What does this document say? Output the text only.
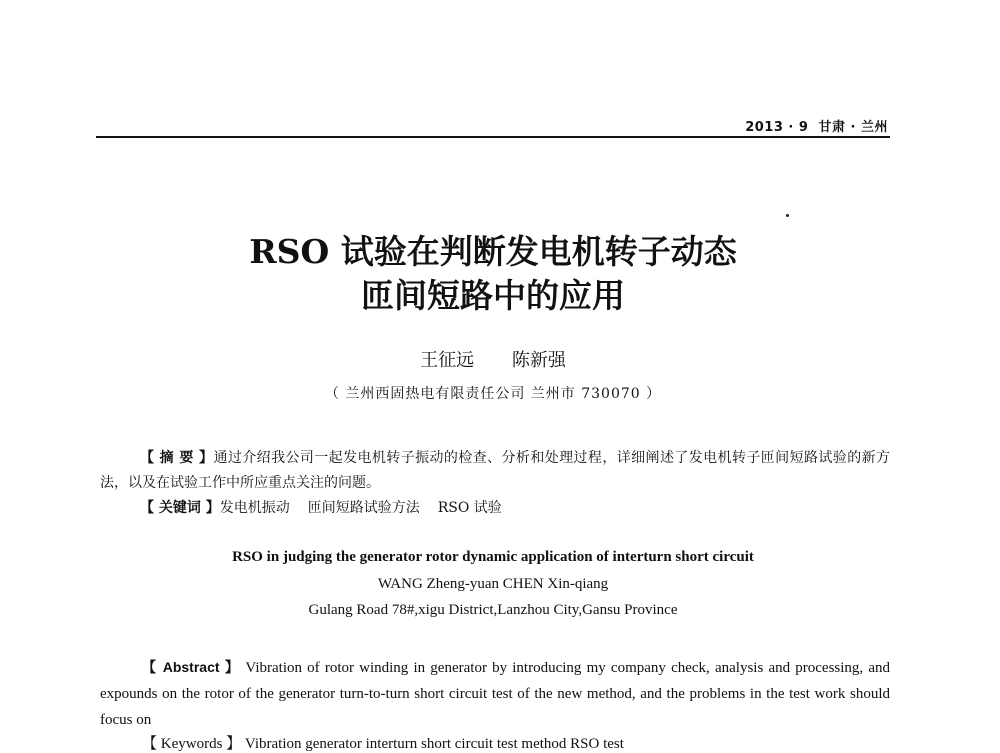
2013 · 9 甘肃 · 兰州
RSO 试验在判断发电机转子动态
匝间短路中的应用
王征远 陈新强
（ 兰州西固热电有限责任公司 兰州市 730070 ）
【 摘 要 】通过介绍我公司一起发电机转子振动的检查、分析和处理过程，详细阐述了发电机转子匝间短路试验的新方法，以及在试验工作中所应重点关注的问题。
【 关键词 】发电机振动 匝间短路试验方法 RSO 试验
RSO in judging the generator rotor dynamic application of interturn short circuit
WANG Zheng-yuan CHEN Xin-qiang
Gulang Road 78#,xigu District,Lanzhou City,Gansu Province
【 Abstract 】 Vibration of rotor winding in generator by introducing my company check, analysis and processing, and expounds on the rotor of the generator turn-to-turn short circuit test of the new method, and the problems in the test work should focus on
【 Keywords 】 Vibration generator interturn short circuit test method RSO test
